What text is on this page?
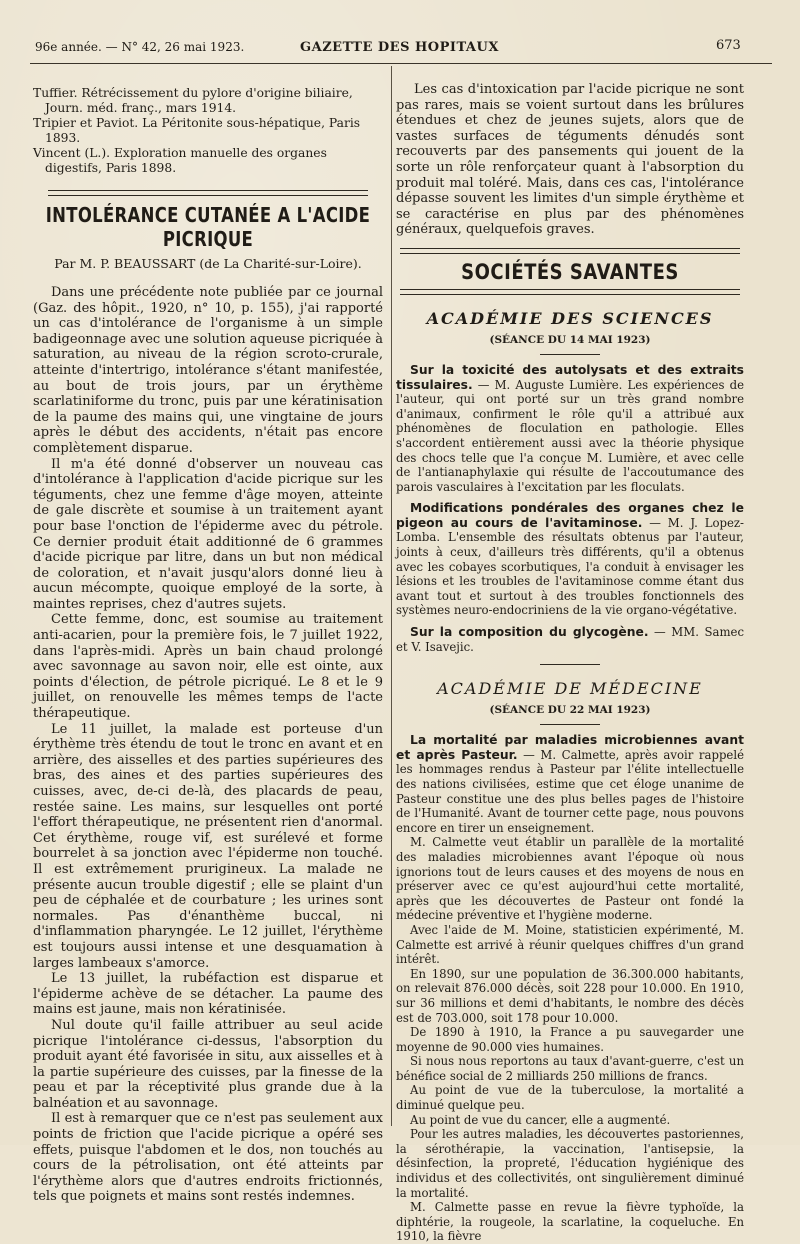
96e année. — N° 42, 26 mai 1923.	GAZETTE DES HOPITAUX	673

Tuffier. Rétrécissement du pylore d'origine biliaire, Journ. méd. franç., mars 1914.

Tripier et Paviot. La Péritonite sous-hépatique, Paris 1893.

Vincent (L.). Exploration manuelle des organes digestifs, Paris 1898.

INTOLÉRANCE CUTANÉE A L'ACIDE PICRIQUE
Par M. P. BEAUSSART (de La Charité-sur-Loire).

Dans une précédente note publiée par ce journal (Gaz. des hôpit., 1920, n° 10, p. 155), j'ai rapporté un cas d'intolérance de l'organisme à un simple badigeonnage avec une solution aqueuse picriquée à saturation, au niveau de la région scroto-crurale, atteinte d'intertrigo, intolérance s'étant manifestée, au bout de trois jours, par un érythème scarlatiniforme du tronc, puis par une kératinisation de la paume des mains qui, une vingtaine de jours après le début des accidents, n'était pas encore complètement disparue.

Il m'a été donné d'observer un nouveau cas d'intolérance à l'application d'acide picrique sur les téguments, chez une femme d'âge moyen, atteinte de gale discrète et soumise à un traitement ayant pour base l'onction de l'épiderme avec du pétrole. Ce dernier produit était additionné de 6 grammes d'acide picrique par litre, dans un but non médical de coloration, et n'avait jusqu'alors donné lieu à aucun mécompte, quoique employé de la sorte, à maintes reprises, chez d'autres sujets.

Cette femme, donc, est soumise au traitement anti-acarien, pour la première fois, le 7 juillet 1922, dans l'après-midi. Après un bain chaud prolongé avec savonnage au savon noir, elle est ointe, aux points d'élection, de pétrole picriqué. Le 8 et le 9 juillet, on renouvelle les mêmes temps de l'acte thérapeutique.

Le 11 juillet, la malade est porteuse d'un érythème très étendu de tout le tronc en avant et en arrière, des aisselles et des parties supérieures des bras, des aines et des parties supérieures des cuisses, avec, de-ci de-là, des placards de peau, restée saine. Les mains, sur lesquelles ont porté l'effort thérapeutique, ne présentent rien d'anormal. Cet érythème, rouge vif, est surélevé et forme bourrelet à sa jonction avec l'épiderme non touché. Il est extrêmement prurigineux. La malade ne présente aucun trouble digestif ; elle se plaint d'un peu de céphalée et de courbature ; les urines sont normales. Pas d'énanthème buccal, ni d'inflammation pharyngée. Le 12 juillet, l'érythème est toujours aussi intense et une desquamation à larges lambeaux s'amorce.

Le 13 juillet, la rubéfaction est disparue et l'épiderme achève de se détacher. La paume des mains est jaune, mais non kératinisée.

Nul doute qu'il faille attribuer au seul acide picrique l'intolérance ci-dessus, l'absorption du produit ayant été favorisée in situ, aux aisselles et à la partie supérieure des cuisses, par la finesse de la peau et par la réceptivité plus grande due à la balnéation et au savonnage.

Il est à remarquer que ce n'est pas seulement aux points de friction que l'acide picrique a opéré ses effets, puisque l'abdomen et le dos, non touchés au cours de la pétrolisation, ont été atteints par l'érythème alors que d'autres endroits frictionnés, tels que poignets et mains sont restés indemnes.

Les cas d'intoxication par l'acide picrique ne sont pas rares, mais se voient surtout dans les brûlures étendues et chez de jeunes sujets, alors que de vastes surfaces de téguments dénudés sont recouverts par des pansements qui jouent de la sorte un rôle renforçateur quant à l'absorption du produit mal toléré. Mais, dans ces cas, l'intolérance dépasse souvent les limites d'un simple érythème et se caractérise en plus par des phénomènes généraux, quelquefois graves.

SOCIÉTÉS SAVANTES
ACADÉMIE DES SCIENCES
(SÉANCE DU 14 MAI 1923)

Sur la toxicité des autolysats et des extraits tissulaires. — M. Auguste Lumière. Les expériences de l'auteur, qui ont porté sur un très grand nombre d'animaux, confirment le rôle qu'il a attribué aux phénomènes de floculation en pathologie. Elles s'accordent entièrement aussi avec la théorie physique des chocs telle que l'a conçue M. Lumière, et avec celle de l'antianaphylaxie qui résulte de l'accoutumance des parois vasculaires à l'excitation par les floculats.

Modifications pondérales des organes chez le pigeon au cours de l'avitaminose. — M. J. Lopez-Lomba. L'ensemble des résultats obtenus par l'auteur, joints à ceux, d'ailleurs très différents, qu'il a obtenus avec les cobayes scorbutiques, l'a conduit à envisager les lésions et les troubles de l'avitaminose comme étant dus avant tout et surtout à des troubles fonctionnels des systèmes neuro-endocriniens de la vie organo-végétative.

Sur la composition du glycogène. — MM. Samec et V. Isavejic.

ACADÉMIE DE MÉDECINE
(SÉANCE DU 22 MAI 1923)

La mortalité par maladies microbiennes avant et après Pasteur. — M. Calmette, après avoir rappelé les hommages rendus à Pasteur par l'élite intellectuelle des nations civilisées, estime que cet éloge unanime de Pasteur constitue une des plus belles pages de l'histoire de l'Humanité. Avant de tourner cette page, nous pouvons encore en tirer un enseignement.

M. Calmette veut établir un parallèle de la mortalité des maladies microbiennes avant l'époque où nous ignorions tout de leurs causes et des moyens de nous en préserver avec ce qu'est aujourd'hui cette mortalité, après que les découvertes de Pasteur ont fondé la médecine préventive et l'hygiène moderne.

Avec l'aide de M. Moine, statisticien expérimenté, M. Calmette est arrivé à réunir quelques chiffres d'un grand intérêt.

En 1890, sur une population de 36.300.000 habitants, on relevait 876.000 décès, soit 228 pour 10.000. En 1910, sur 36 millions et demi d'habitants, le nombre des décès est de 703.000, soit 178 pour 10.000.

De 1890 à 1910, la France a pu sauvegarder une moyenne de 90.000 vies humaines.

Si nous nous reportons au taux d'avant-guerre, c'est un bénéfice social de 2 milliards 250 millions de francs.

Au point de vue de la tuberculose, la mortalité a diminué quelque peu.

Au point de vue du cancer, elle a augmenté.

Pour les autres maladies, les découvertes pastoriennes, la sérothérapie, la vaccination, l'antisepsie, la désinfection, la propreté, l'éducation hygiénique des individus et des collectivités, ont singulièrement diminué la mortalité.

M. Calmette passe en revue la fièvre typhoïde, la diphtérie, la rougeole, la scarlatine, la coqueluche. En 1910, la fièvre
